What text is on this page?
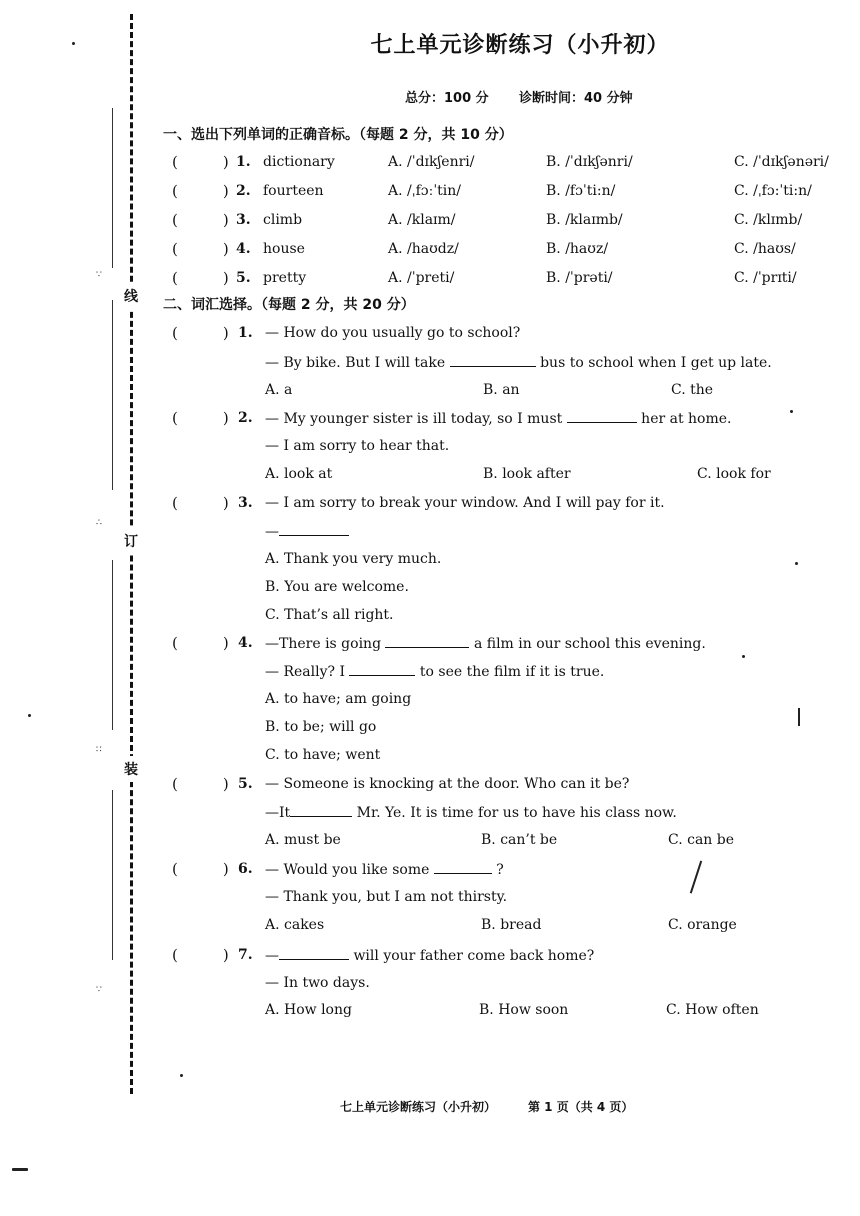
线
订
装
∵
∴
∷
∵
七上单元诊断练习（小升初）
总分：100 分 诊断时间：40 分钟
一、选出下列单词的正确音标。（每题 2 分，共 10 分）
(   ) 1. dictionary	A. /ˈdɪkʃenri/	B. /ˈdɪkʃənri/	C. /ˈdɪkʃənəri/
(   ) 2. fourteen	A. /ˌfɔːˈtin/	B. /fɔˈti:n/	C. /ˌfɔ:ˈti:n/
(   ) 3. climb	A. /klaɪm/	B. /klaɪmb/	C. /klɪmb/
(   ) 4. house	A. /haʊdz/	B. /haʊz/	C. /haʊs/
(   ) 5. pretty	A. /ˈpreti/	B. /ˈprəti/	C. /ˈprɪti/
二、词汇选择。（每题 2 分，共 20 分）
(   ) 1. — How do you usually go to school?
— By bike. But I will take	bus to school when I get up late.
A. a	B. an	C. the
(   ) 2. — My younger sister is ill today, so I must	her at home.
— I am sorry to hear that.
A. look at	B. look after	C. look for
(   ) 3. — I am sorry to break your window. And I will pay for it.
—
A. Thank you very much.
B. You are welcome.
C. That’s all right.
(   ) 4. —There is going	a film in our school this evening.
— Really? I	to see the film if it is true.
A. to have; am going
B. to be; will go
C. to have; went
(   ) 5. — Someone is knocking at the door. Who can it be?
—It	Mr. Ye. It is time for us to have his class now.
A. must be	B. can’t be	C. can be
(   ) 6. — Would you like some	?
— Thank you, but I am not thirsty.
A. cakes	B. bread	C. orange
(   ) 7. —	will your father come back home?
— In two days.
A. How long	B. How soon	C. How often
七上单元诊断练习（小升初）	第 1 页（共 4 页）
